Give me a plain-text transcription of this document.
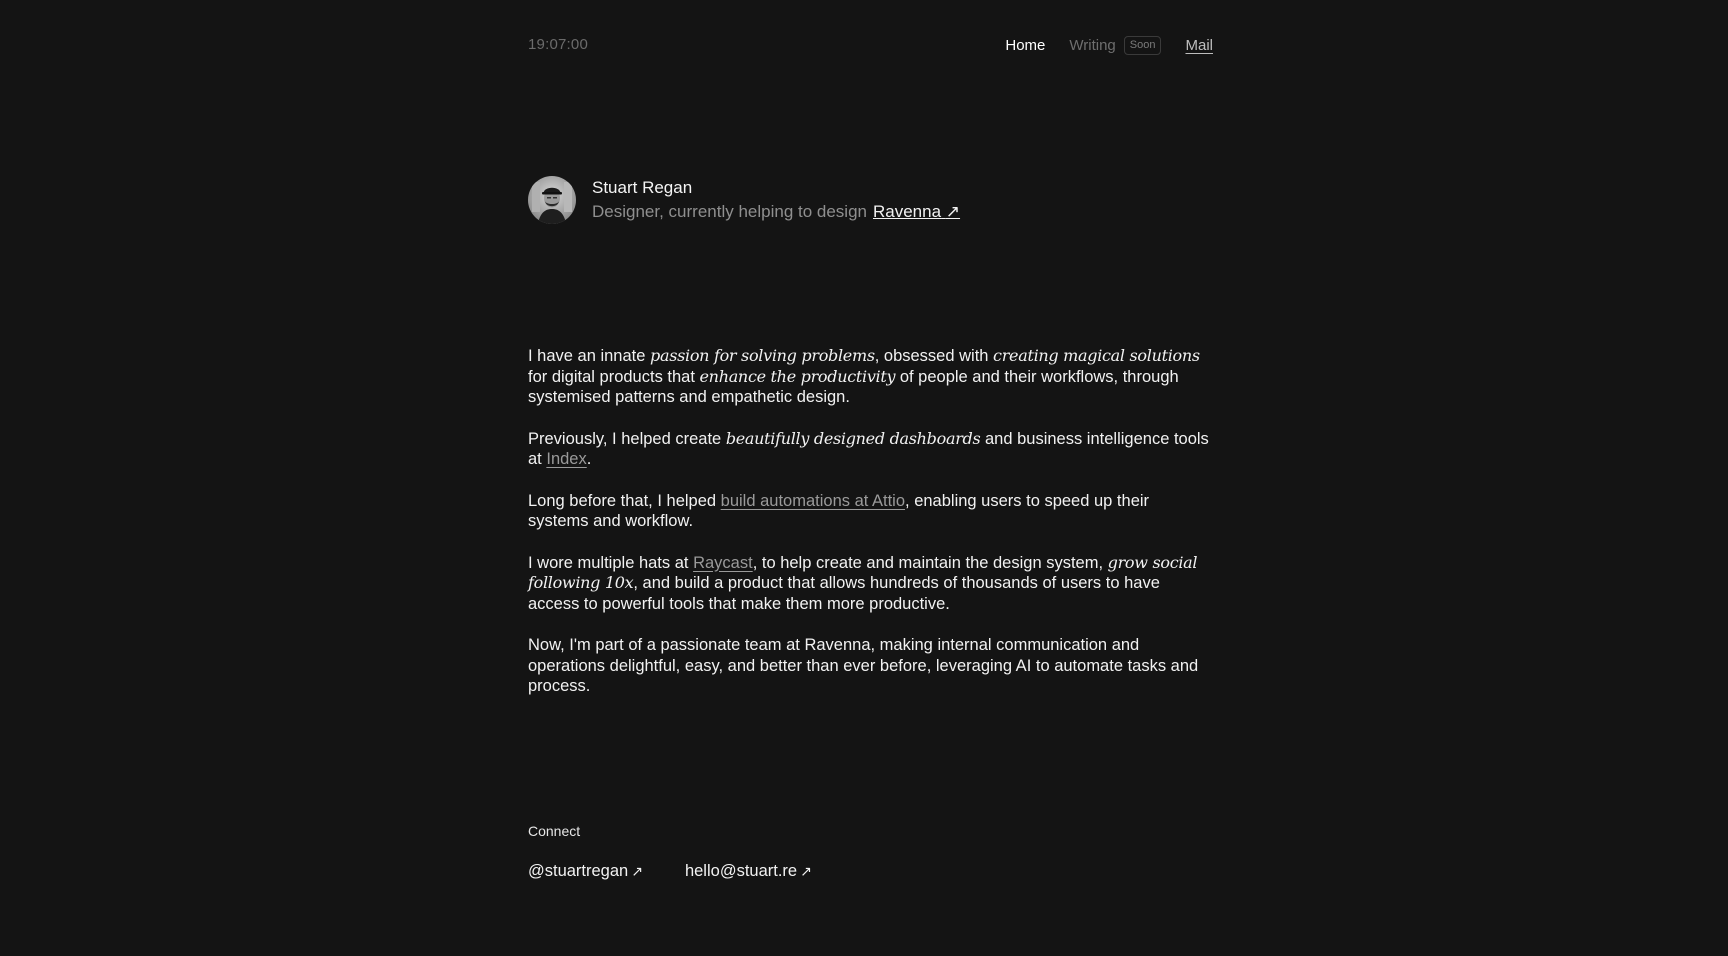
19:07:00	Home Writing	Soon	Mail
Stuart Regan
Designer, currently helping to design Ravenna ↗

I have an innate passion for solving problems, obsessed with creating magical solutions for digital products that enhance the productivity of people and their workflows, through systemised patterns and empathetic design.

Previously, I helped create beautifully designed dashboards and business intelligence tools at Index.

Long before that, I helped build automations at Attio, enabling users to speed up their systems and workflow.

I wore multiple hats at Raycast, to help create and maintain the design system, grow social following 10x, and build a product that allows hundreds of thousands of users to have access to powerful tools that make them more productive.

Now, I'm part of a passionate team at Ravenna, making internal communication and operations delightful, easy, and better than ever before, leveraging AI to automate tasks and process.

Connect
@stuartregan ↗	hello@stuart.re ↗
